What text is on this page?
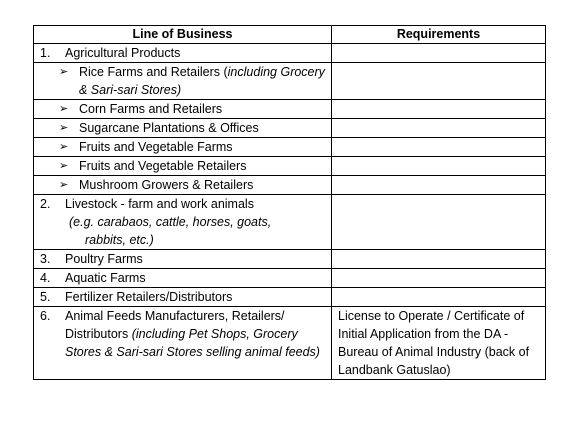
Line of Business	Requirements

1. Agricultural Products	

➢ Rice Farms and Retailers (including Grocery & Sari-sari Stores)	

➢ Corn Farms and Retailers	

➢ Sugarcane Plantations & Offices	

➢ Fruits and Vegetable Farms	

➢ Fruits and Vegetable Retailers	

➢ Mushroom Growers & Retailers	

2. Livestock - farm and work animals
(e.g. carabaos, cattle, horses, goats,
rabbits, etc.)	

3. Poultry Farms	

4. Aquatic Farms	

5. Fertilizer Retailers/Distributors	

6. Animal Feeds Manufacturers, Retailers/ Distributors (including Pet Shops, Grocery Stores & Sari-sari Stores selling animal feeds)	License to Operate / Certificate of Initial Application from the DA -Bureau of Animal Industry (back of Landbank Gatuslao)
